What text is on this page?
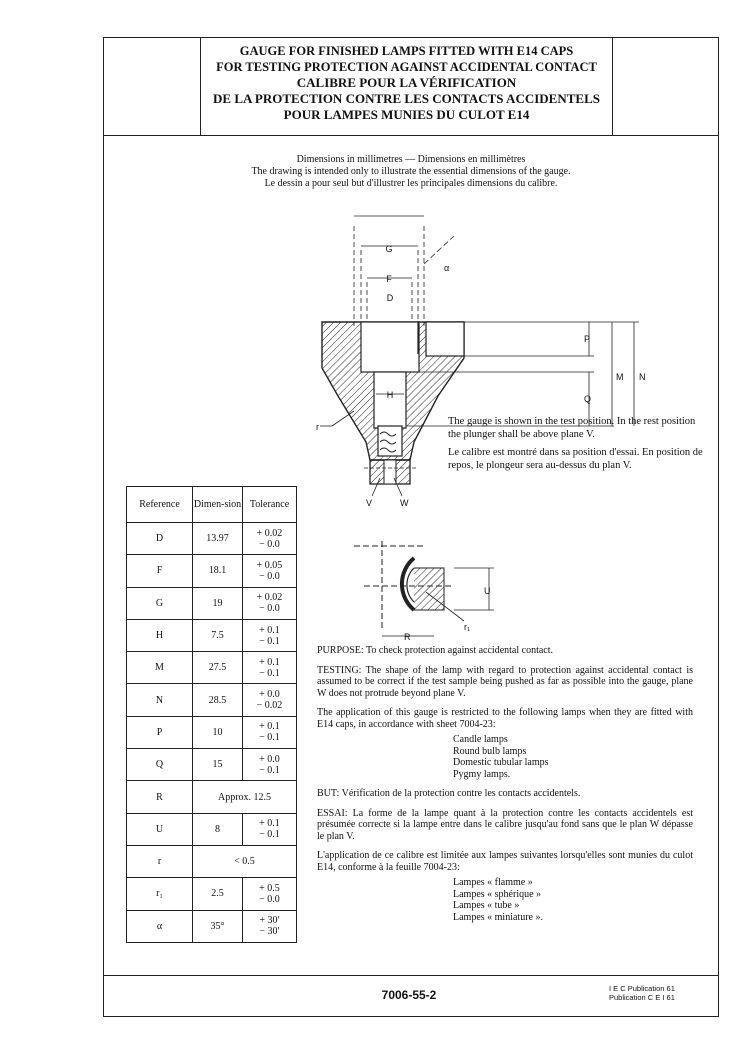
GAUGE FOR FINISHED LAMPS FITTED WITH E14 CAPS
FOR TESTING PROTECTION AGAINST ACCIDENTAL CONTACT
CALIBRE POUR LA VÉRIFICATION
DE LA PROTECTION CONTRE LES CONTACTS ACCIDENTELS
POUR LAMPES MUNIES DU CULOT E14
Dimensions in millimetres — Dimensions en millimètres
The drawing is intended only to illustrate the essential dimensions of the gauge.
Le dessin a pour seul but d'illustrer les principales dimensions du calibre.
G
F
D
α
H
P
Q
M N
r
V	W
U
R
r₁

The gauge is shown in the test position. In the rest position the plunger shall be above plane V.

Le calibre est montré dans sa position d'essai. En position de repos, le plongeur sera au-dessus du plan V.

Reference	Dimen-sion	Tolerance
D	13.97	+ 0.02
− 0.0

F	18.1	+ 0.05
− 0.0

G	19	+ 0.02
− 0.0

H	7.5	+ 0.1
− 0.1

M	27.5	+ 0.1
− 0.1

N	28.5	+ 0.0
− 0.02

P	10	+ 0.1
− 0.1

Q	15	+ 0.0
− 0.1

R	Approx. 12.5	
U	8	+ 0.1
− 0.1

r	< 0.5	
r₁	2.5	+ 0.5
− 0.0

α	35°	+ 30′
− 30′

PURPOSE: To check protection against accidental contact.

TESTING: The shape of the lamp with regard to protection against accidental contact is assumed to be correct if the test sample being pushed as far as possible into the gauge, plane W does not protrude beyond plane V.

The application of this gauge is restricted to the following lamps when they are fitted with E14 caps, in accordance with sheet 7004-23:

Candle lamps
Round bulb lamps
Domestic tubular lamps
Pygmy lamps.

BUT: Vérification de la protection contre les contacts accidentels.

ESSAI: La forme de la lampe quant à la protection contre les contacts accidentels est présumée correcte si la lampe entre dans le calibre jusqu'au fond sans que le plan W dépasse le plan V.

L'application de ce calibre est limitée aux lampes suivantes lorsqu'elles sont munies du culot E14, conforme à la feuille 7004-23:

Lampes « flamme »
Lampes « sphérique »
Lampes « tube »
Lampes « miniature ».
7006-55-2	I E C Publication 61
Publication C E I 61
